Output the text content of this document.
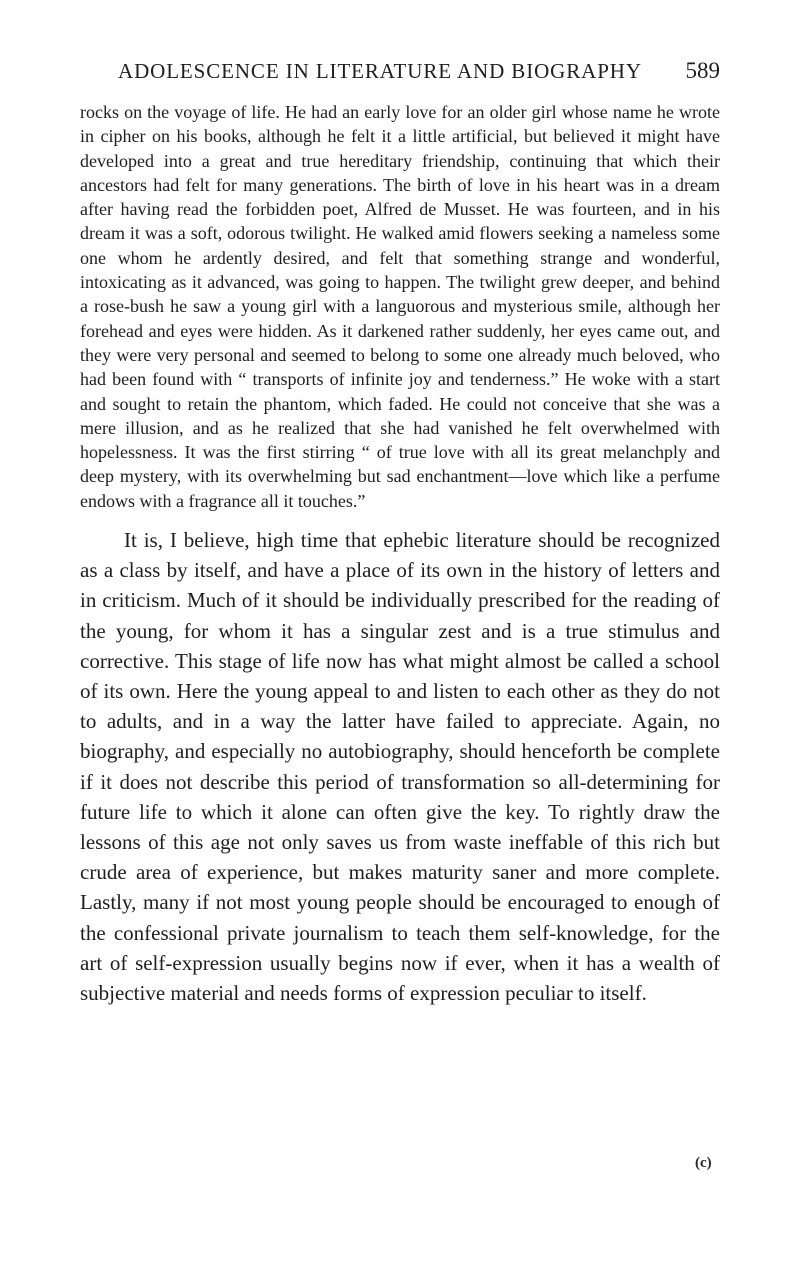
ADOLESCENCE IN LITERATURE AND BIOGRAPHY 589

rocks on the voyage of life. He had an early love for an older girl whose name he wrote in cipher on his books, although he felt it a little artificial, but believed it might have developed into a great and true hereditary friendship, continuing that which their ancestors had felt for many generations. The birth of love in his heart was in a dream after having read the forbidden poet, Alfred de Musset. He was fourteen, and in his dream it was a soft, odorous twilight. He walked amid flowers seeking a nameless some one whom he ardently desired, and felt that something strange and wonderful, intoxicating as it advanced, was going to happen. The twilight grew deeper, and behind a rose-bush he saw a young girl with a languorous and mysterious smile, although her forehead and eyes were hidden. As it darkened rather suddenly, her eyes came out, and they were very personal and seemed to belong to some one already much beloved, who had been found with “ transports of infinite joy and tenderness.” He woke with a start and sought to retain the phantom, which faded. He could not conceive that she was a mere illusion, and as he realized that she had vanished he felt overwhelmed with hopelessness. It was the first stirring “ of true love with all its great melanchply and deep mystery, with its overwhelming but sad enchantment—love which like a perfume endows with a fragrance all it touches.”

It is, I believe, high time that ephebic literature should be recognized as a class by itself, and have a place of its own in the history of letters and in criticism. Much of it should be individually prescribed for the reading of the young, for whom it has a singular zest and is a true stimulus and corrective. This stage of life now has what might almost be called a school of its own. Here the young appeal to and listen to each other as they do not to adults, and in a way the latter have failed to appreciate. Again, no biography, and especially no autobiography, should henceforth be complete if it does not describe this period of transformation so all-determining for future life to which it alone can often give the key. To rightly draw the lessons of this age not only saves us from waste ineffable of this rich but crude area of experience, but makes maturity saner and more complete. Lastly, many if not most young people should be encouraged to enough of the confessional private journalism to teach them self-knowledge, for the art of self-expression usually begins now if ever, when it has a wealth of subjective material and needs forms of expression peculiar to itself.

(c)
